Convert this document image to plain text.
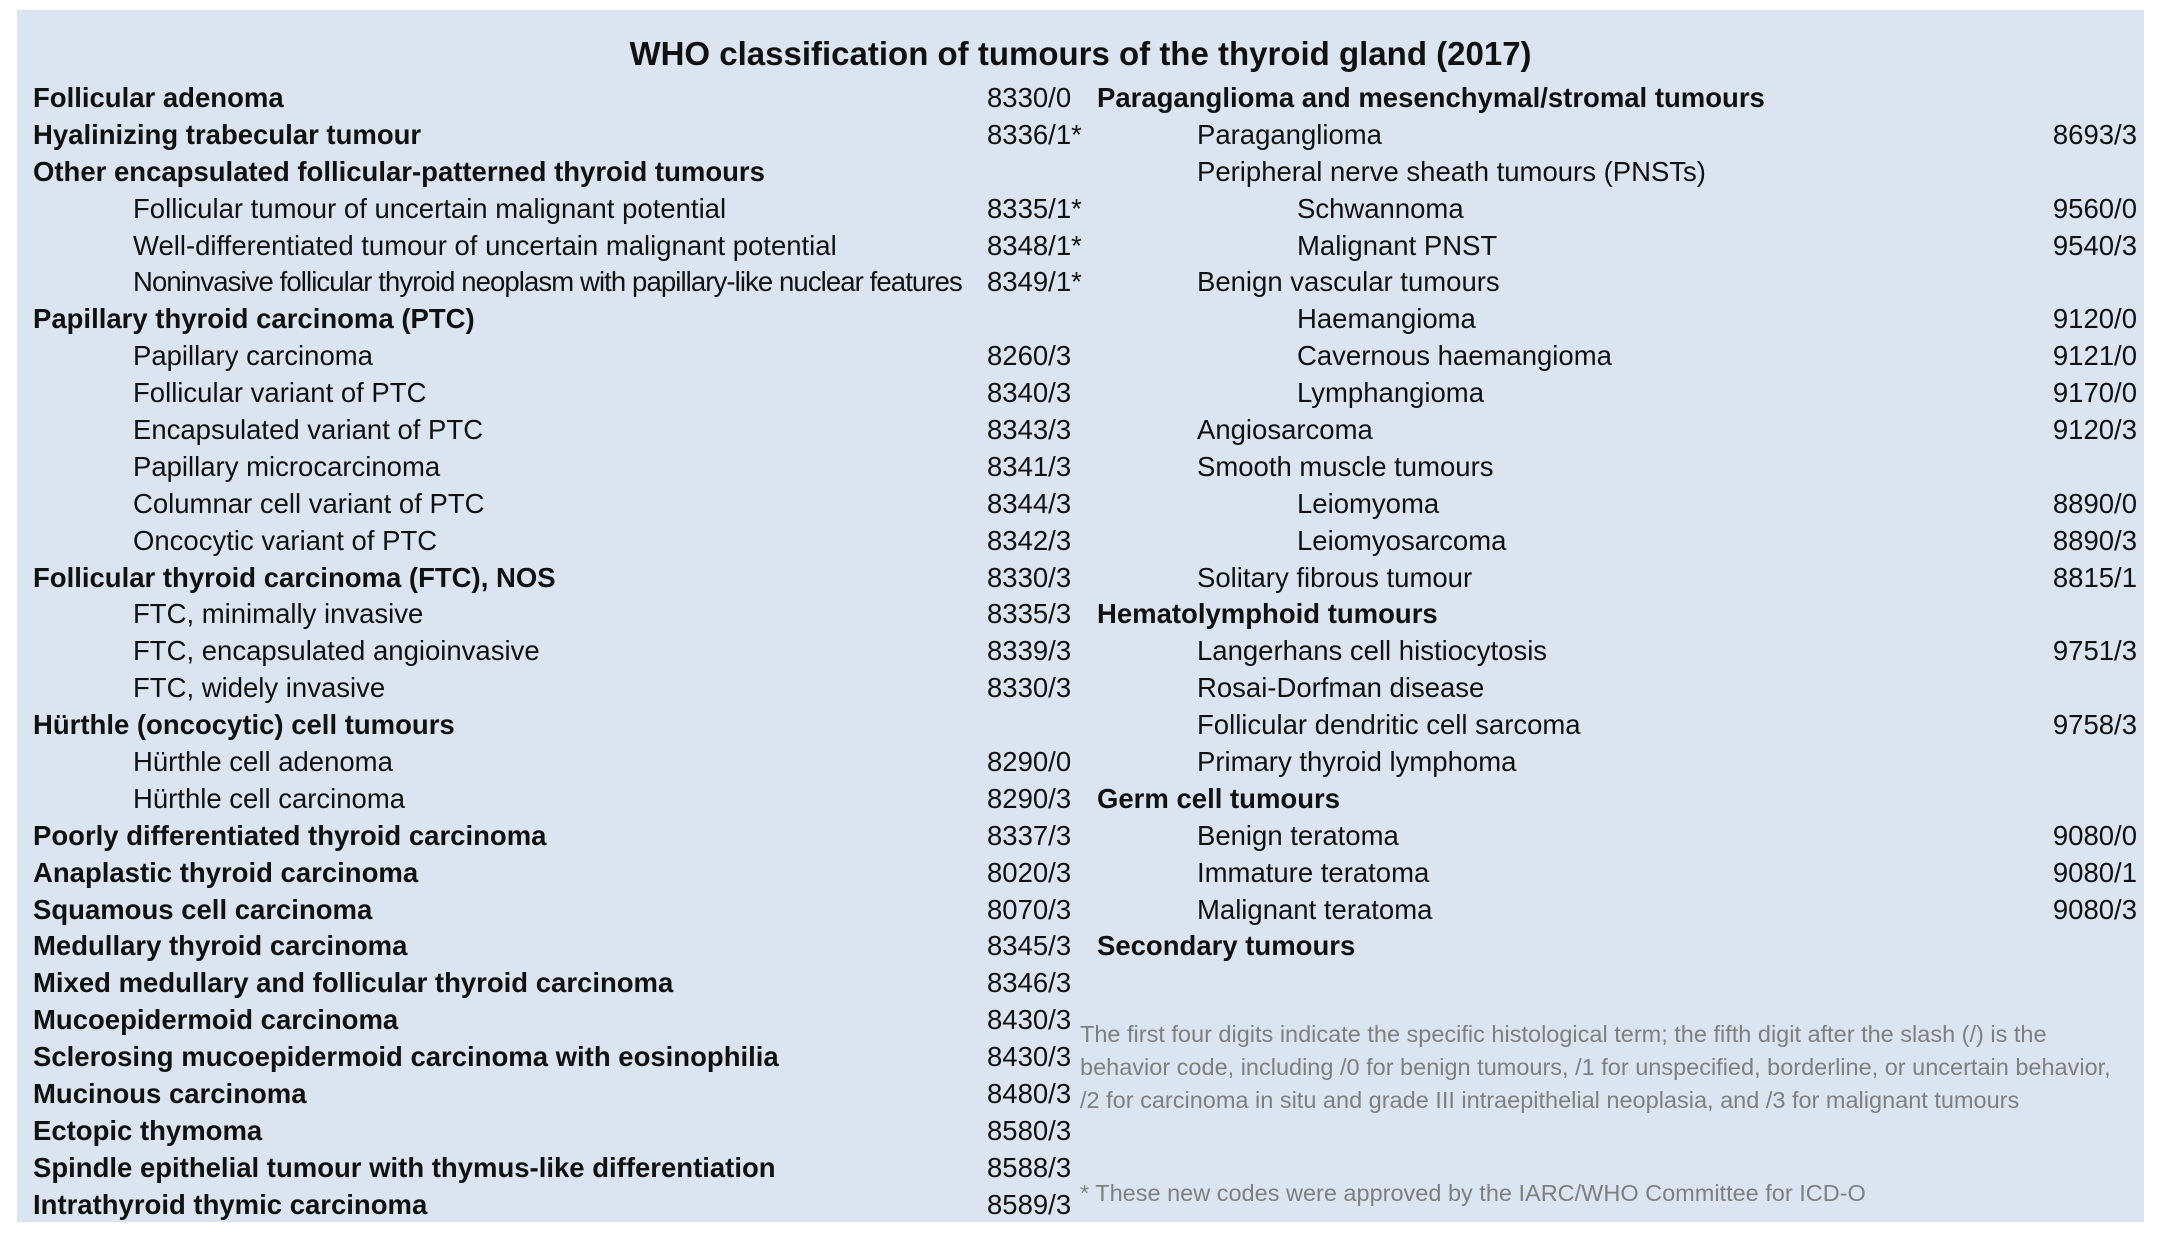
WHO classification of tumours of the thyroid gland (2017)
Follicular adenoma	8330/0
Hyalinizing trabecular tumour	8336/1*
Other encapsulated follicular-patterned thyroid tumours
Follicular tumour of uncertain malignant potential	8335/1*
Well-differentiated tumour of uncertain malignant potential	8348/1*
Noninvasive follicular thyroid neoplasm with papillary-like nuclear features 8349/1*
Papillary thyroid carcinoma (PTC)
Papillary carcinoma	8260/3
Follicular variant of PTC	8340/3
Encapsulated variant of PTC	8343/3
Papillary microcarcinoma	8341/3
Columnar cell variant of PTC	8344/3
Oncocytic variant of PTC	8342/3
Follicular thyroid carcinoma (FTC), NOS	8330/3
FTC, minimally invasive	8335/3
FTC, encapsulated angioinvasive	8339/3
FTC, widely invasive	8330/3
Hürthle (oncocytic) cell tumours
Hürthle cell adenoma	8290/0
Hürthle cell carcinoma	8290/3
Poorly differentiated thyroid carcinoma	8337/3
Anaplastic thyroid carcinoma	8020/3
Squamous cell carcinoma	8070/3
Medullary thyroid carcinoma	8345/3
Mixed medullary and follicular thyroid carcinoma	8346/3
Mucoepidermoid carcinoma	8430/3
Sclerosing mucoepidermoid carcinoma with eosinophilia	8430/3
Mucinous carcinoma	8480/3
Ectopic thymoma	8580/3
Spindle epithelial tumour with thymus-like differentiation	8588/3
Intrathyroid thymic carcinoma	8589/3
Paraganglioma and mesenchymal/stromal tumours
Paraganglioma	8693/3
Peripheral nerve sheath tumours (PNSTs)
Schwannoma	9560/0
Malignant PNST	9540/3
Benign vascular tumours
Haemangioma	9120/0
Cavernous haemangioma	9121/0
Lymphangioma	9170/0
Angiosarcoma	9120/3
Smooth muscle tumours
Leiomyoma	8890/0
Leiomyosarcoma	8890/3
Solitary fibrous tumour	8815/1
Hematolymphoid tumours
Langerhans cell histiocytosis	9751/3
Rosai-Dorfman disease
Follicular dendritic cell sarcoma	9758/3
Primary thyroid lymphoma
Germ cell tumours
Benign teratoma	9080/0
Immature teratoma	9080/1
Malignant teratoma	9080/3
Secondary tumours
The first four digits indicate the specific histological term; the fifth digit after the slash (/) is the behavior code, including /0 for benign tumours, /1 for unspecified, borderline, or uncertain behavior, /2 for carcinoma in situ and grade III intraepithelial neoplasia, and /3 for malignant tumours
* These new codes were approved by the IARC/WHO Committee for ICD-O
